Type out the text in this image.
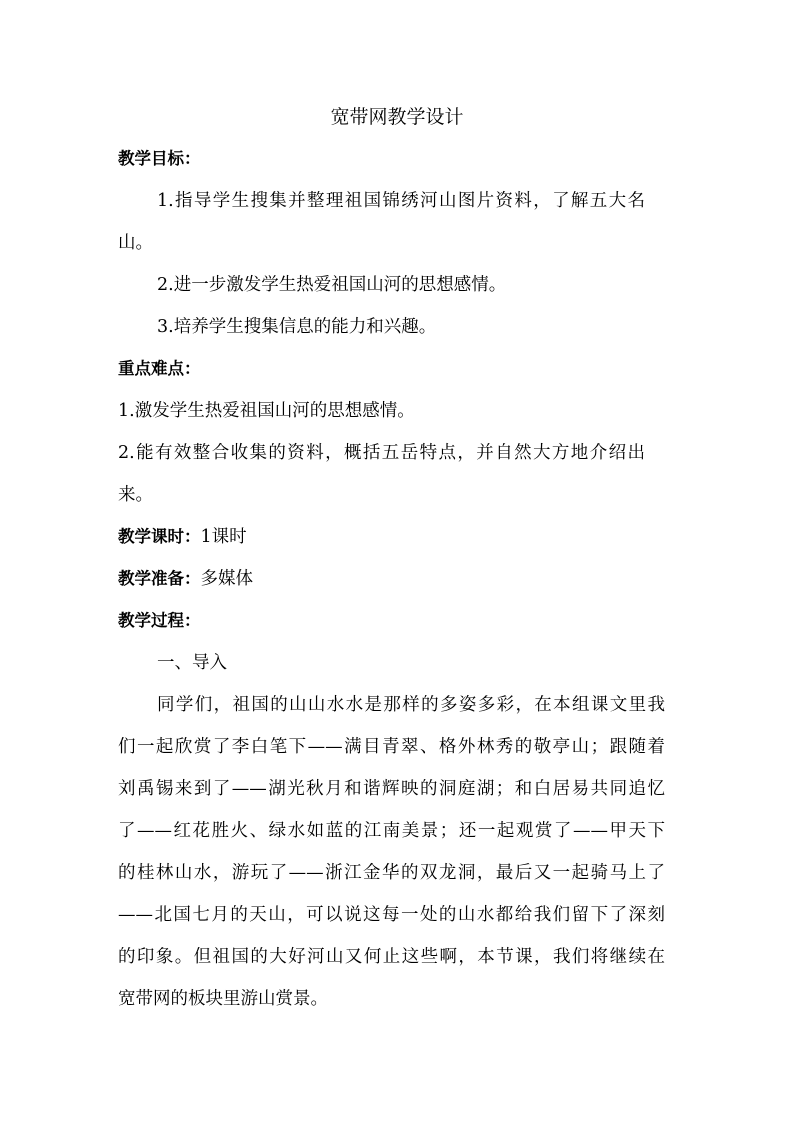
宽带网教学设计
教学目标：
1.指导学生搜集并整理祖国锦绣河山图片资料，了解五大名
山。
2.进一步激发学生热爱祖国山河的思想感情。
3.培养学生搜集信息的能力和兴趣。
重点难点：
1.激发学生热爱祖国山河的思想感情。
2.能有效整合收集的资料，概括五岳特点，并自然大方地介绍出
来。
教学课时：1课时
教学准备：多媒体
教学过程：
一、导入
同学们，祖国的山山水水是那样的多姿多彩，在本组课文里我
们一起欣赏了李白笔下——满目青翠、格外林秀的敬亭山；跟随着
刘禹锡来到了——湖光秋月和谐辉映的洞庭湖；和白居易共同追忆
了——红花胜火、绿水如蓝的江南美景；还一起观赏了——甲天下
的桂林山水，游玩了——浙江金华的双龙洞，最后又一起骑马上了
——北国七月的天山，可以说这每一处的山水都给我们留下了深刻
的印象。但祖国的大好河山又何止这些啊，本节课，我们将继续在
宽带网的板块里游山赏景。
